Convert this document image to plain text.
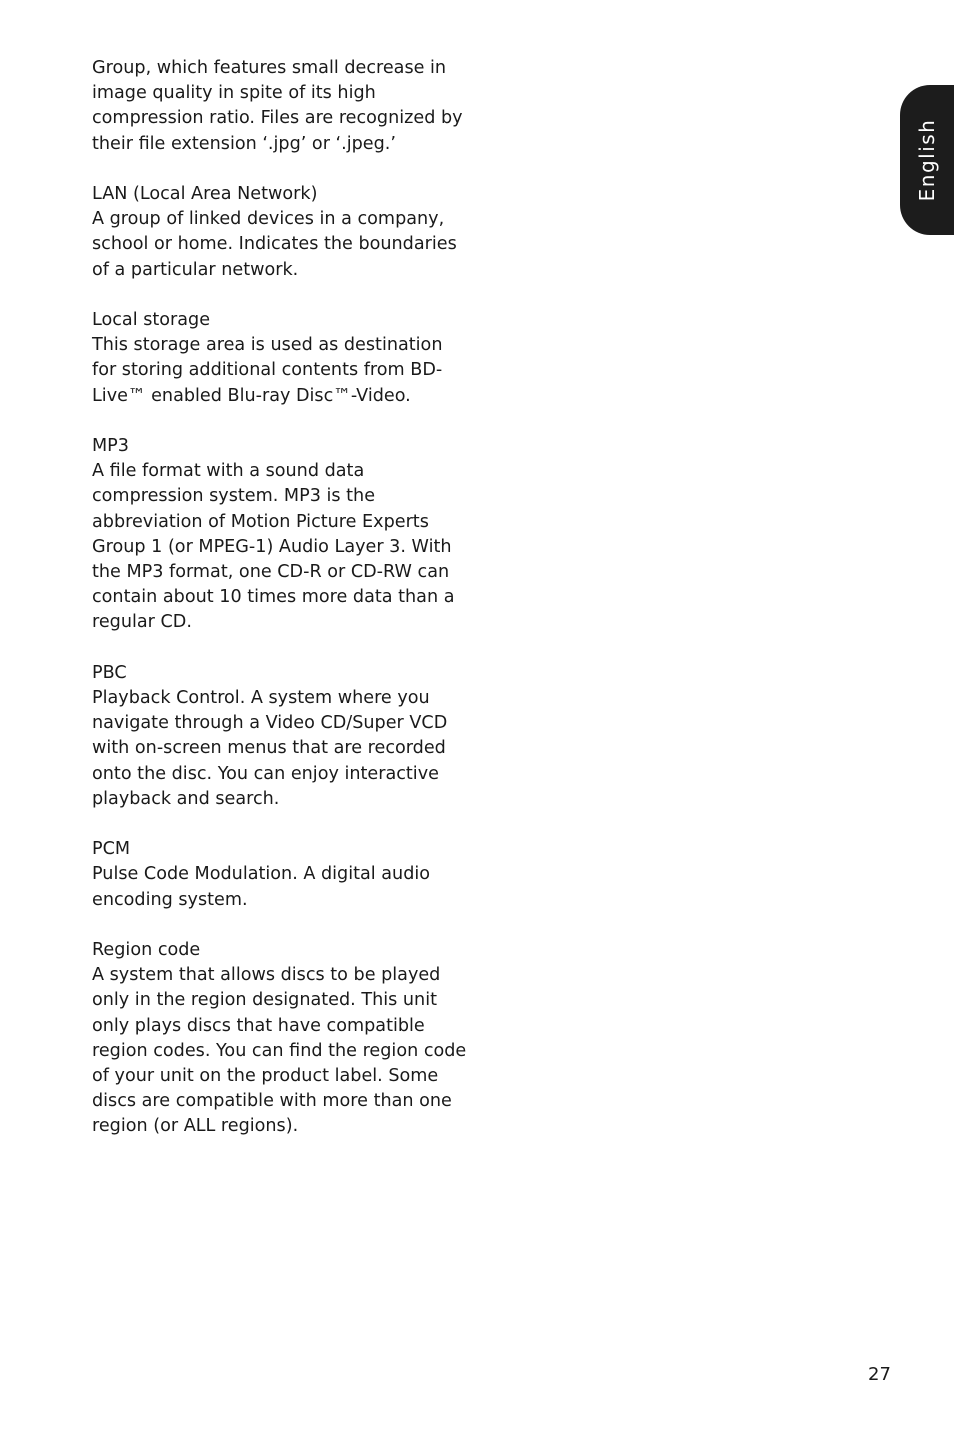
Group, which features small decrease in image quality in spite of its high compression ratio. Files are recognized by their file extension ‘.jpg’ or ‘.jpeg.’

LAN (Local Area Network)
A group of linked devices in a company, school or home. Indicates the boundaries of a particular network.
Local storage
This storage area is used as destination for storing additional contents from BD-Live™ enabled Blu-ray Disc™-Video.
MP3
A file format with a sound data compression system. MP3 is the abbreviation of Motion Picture Experts Group 1 (or MPEG-1) Audio Layer 3. With the MP3 format, one CD-R or CD-RW can contain about 10 times more data than a regular CD.
PBC
Playback Control. A system where you navigate through a Video CD/Super VCD with on-screen menus that are recorded onto the disc. You can enjoy interactive playback and search.
PCM
Pulse Code Modulation. A digital audio encoding system.
Region code
A system that allows discs to be played only in the region designated. This unit only plays discs that have compatible region codes. You can find the region code of your unit on the product label. Some discs are compatible with more than one region (or ALL regions).
English
27
